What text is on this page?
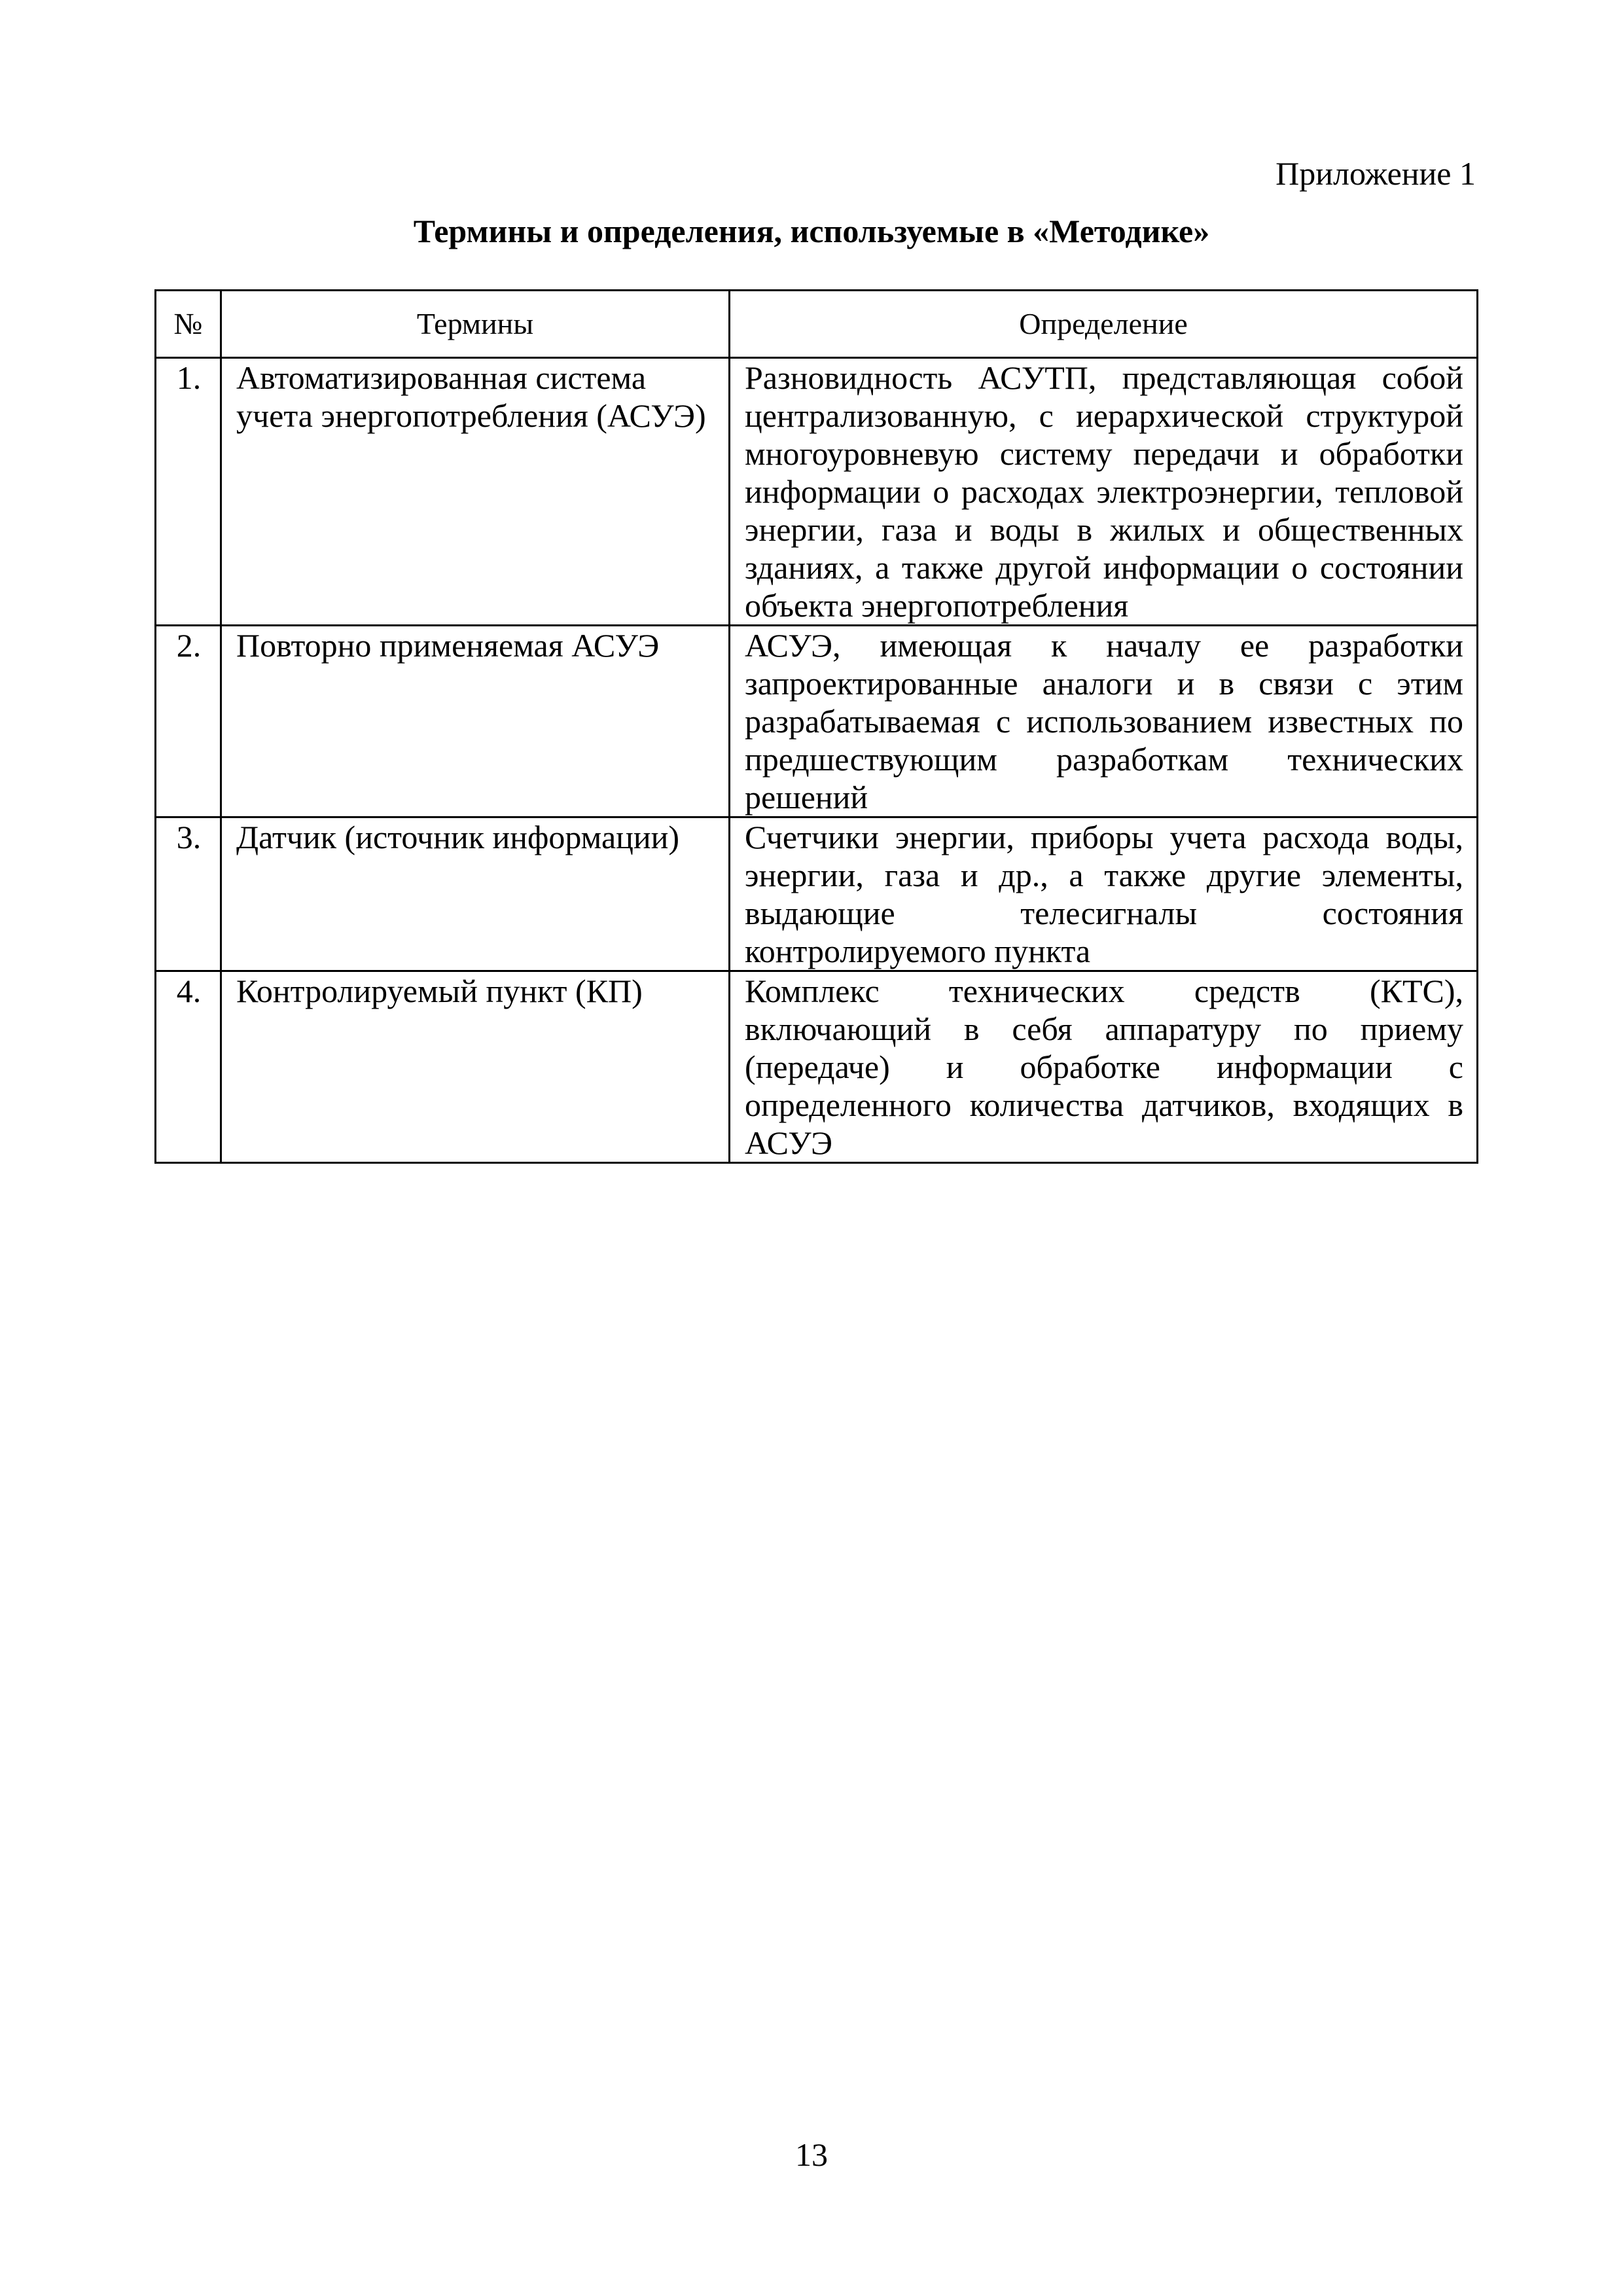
Приложение 1
Термины и определения, используемые в «Методике»
№	Термины	Определение
1.	Автоматизированная система учета энергопотребления (АСУЭ)	Разновидность АСУТП, представляющая собой централизованную, с иерархической структурой многоуровневую систему передачи и обработки информации о расходах электроэнергии, тепловой энергии, газа и воды в жилых и общественных зданиях, а также другой информации о состоянии объекта энергопотребления
2.	Повторно применяемая АСУЭ	АСУЭ, имеющая к началу ее разработки запроектированные аналоги и в связи с этим разрабатываемая с использованием известных по предшествующим разработкам технических решений
3.	Датчик (источник информации)	Счетчики энергии, приборы учета расхода воды, энергии, газа и др., а также другие элементы, выдающие телесигналы состояния контролируемого пункта
4.	Контролируемый пункт (КП)	Комплекс технических средств (КТС), включающий в себя аппаратуру по приему (передаче) и обработке информации с определенного количества датчиков, входящих в АСУЭ
13
